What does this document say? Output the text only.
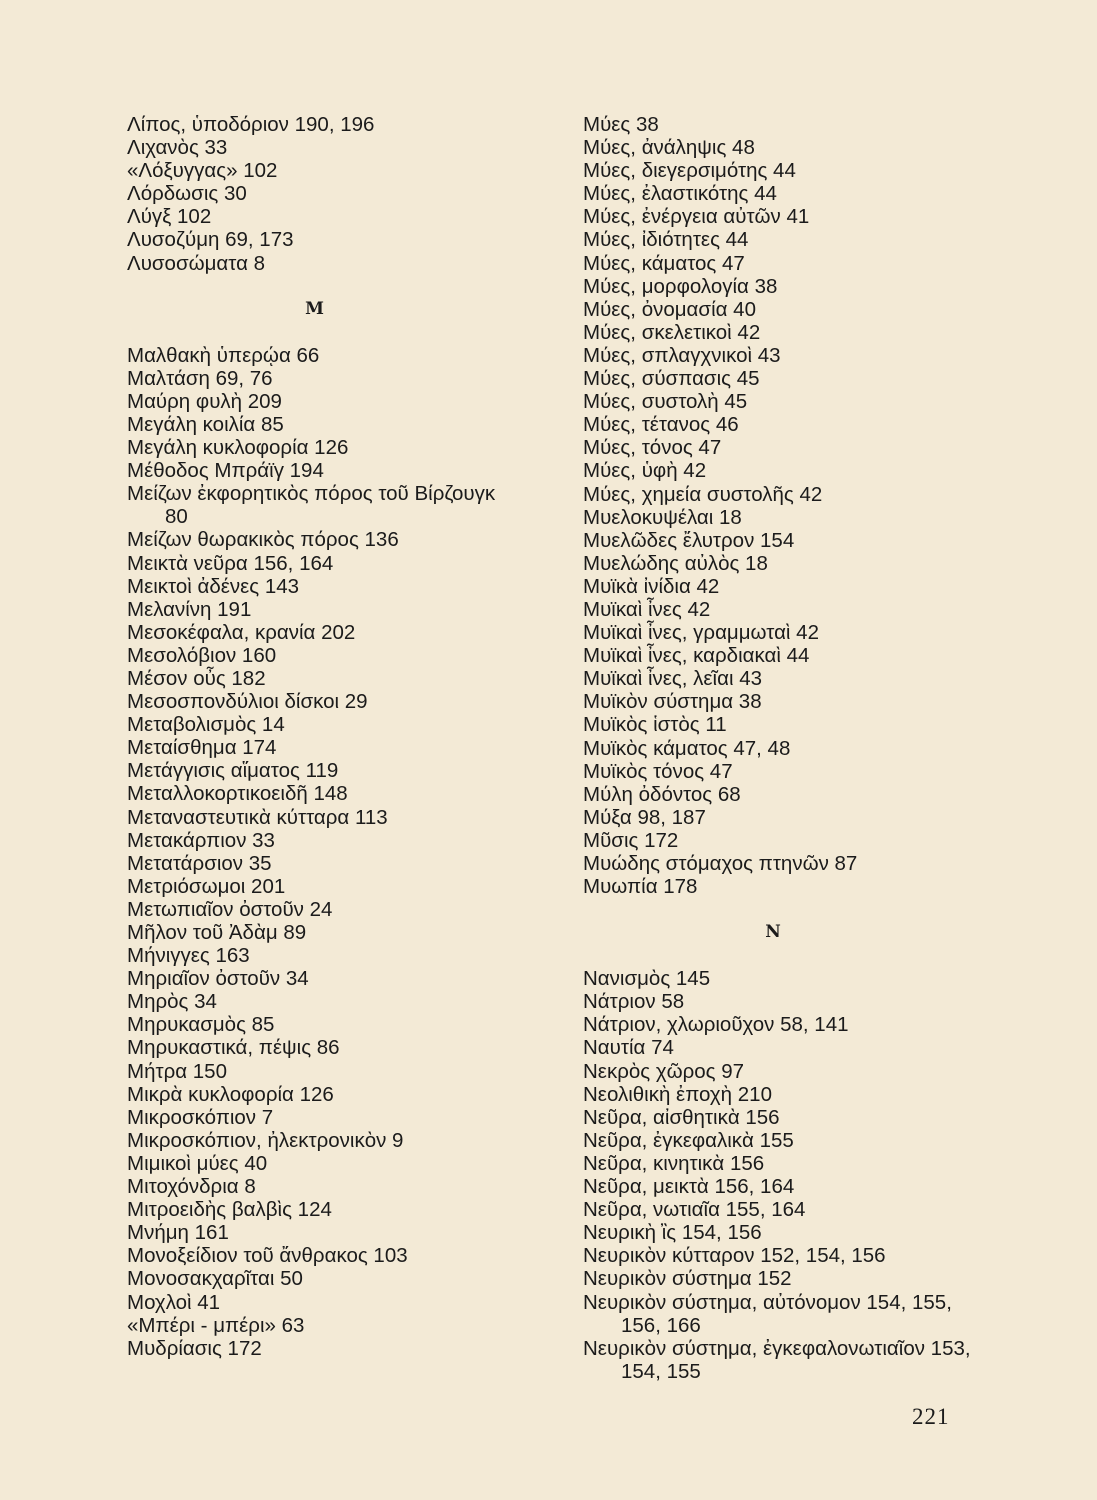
Λίπος, ὑποδόριον 190, 196
Λιχανὸς 33
«Λόξυγγας» 102
Λόρδωσις 30
Λύγξ 102
Λυσοζύμη 69, 173
Λυσοσώματα 8
M
Μαλθακὴ ὑπερῴα 66
Μαλτάση 69, 76
Μαύρη φυλὴ 209
Μεγάλη κοιλία 85
Μεγάλη κυκλοφορία 126
Μέθοδος Μπράϊγ 194
Μείζων ἐκφορητικὸς πόρος τοῦ Βίρζουγκ 80
Μείζων θωρακικὸς πόρος 136
Μεικτὰ νεῦρα 156, 164
Μεικτοὶ ἀδένες 143
Μελανίνη 191
Μεσοκέφαλα, κρανία 202
Μεσολόβιον 160
Μέσον οὖς 182
Μεσοσπονδύλιοι δίσκοι 29
Μεταβολισμὸς 14
Μεταίσθημα 174
Μετάγγισις αἵματος 119
Μεταλλοκορτικοειδῆ 148
Μεταναστευτικὰ κύτταρα 113
Μετακάρπιον 33
Μετατάρσιον 35
Μετριόσωμοι 201
Μετωπιαῖον ὀστοῦν 24
Μῆλον τοῦ Ἀδὰμ 89
Μήνιγγες 163
Μηριαῖον ὀστοῦν 34
Μηρὸς 34
Μηρυκασμὸς 85
Μηρυκαστικά, πέψις 86
Μήτρα 150
Μικρὰ κυκλοφορία 126
Μικροσκόπιον 7
Μικροσκόπιον, ἠλεκτρονικὸν 9
Μιμικοὶ μύες 40
Μιτοχόνδρια 8
Μιτροειδὴς βαλβὶς 124
Μνήμη 161
Μονοξείδιον τοῦ ἄνθρακος 103
Μονοσακχαρῖται 50
Μοχλοὶ 41
«Μπέρι - μπέρι» 63
Μυδρίασις 172
Μύες 38
Μύες, ἀνάληψις 48
Μύες, διεγερσιμότης 44
Μύες, ἐλαστικότης 44
Μύες, ἐνέργεια αὐτῶν 41
Μύες, ἰδιότητες 44
Μύες, κάματος 47
Μύες, μορφολογία 38
Μύες, ὀνομασία 40
Μύες, σκελετικοὶ 42
Μύες, σπλαγχνικοὶ 43
Μύες, σύσπασις 45
Μύες, συστολὴ 45
Μύες, τέτανος 46
Μύες, τόνος 47
Μύες, ὑφὴ 42
Μύες, χημεία συστολῆς 42
Μυελοκυψέλαι 18
Μυελῶδες ἔλυτρον 154
Μυελώδης αὐλὸς 18
Μυϊκὰ ἰνίδια 42
Μυϊκαὶ ἶνες 42
Μυϊκαὶ ἶνες, γραμμωταὶ 42
Μυϊκαὶ ἶνες, καρδιακαὶ 44
Μυϊκαὶ ἶνες, λεῖαι 43
Μυϊκὸν σύστημα 38
Μυϊκὸς ἱστὸς 11
Μυϊκὸς κάματος 47, 48
Μυϊκὸς τόνος 47
Μύλη ὀδόντος 68
Μύξα 98, 187
Μῦσις 172
Μυώδης στόμαχος πτηνῶν 87
Μυωπία 178
N
Νανισμὸς 145
Νάτριον 58
Νάτριον, χλωριοῦχον 58, 141
Ναυτία 74
Νεκρὸς χῶρος 97
Νεολιθικὴ ἐποχὴ 210
Νεῦρα, αἰσθητικὰ 156
Νεῦρα, ἐγκεφαλικὰ 155
Νεῦρα, κινητικὰ 156
Νεῦρα, μεικτὰ 156, 164
Νεῦρα, νωτιαῖα 155, 164
Νευρικὴ ἲς 154, 156
Νευρικὸν κύτταρον 152, 154, 156
Νευρικὸν σύστημα 152
Νευρικὸν σύστημα, αὐτόνομον 154, 155, 156, 166
Νευρικὸν σύστημα, ἐγκεφαλονωτιαῖον 153, 154, 155
221
